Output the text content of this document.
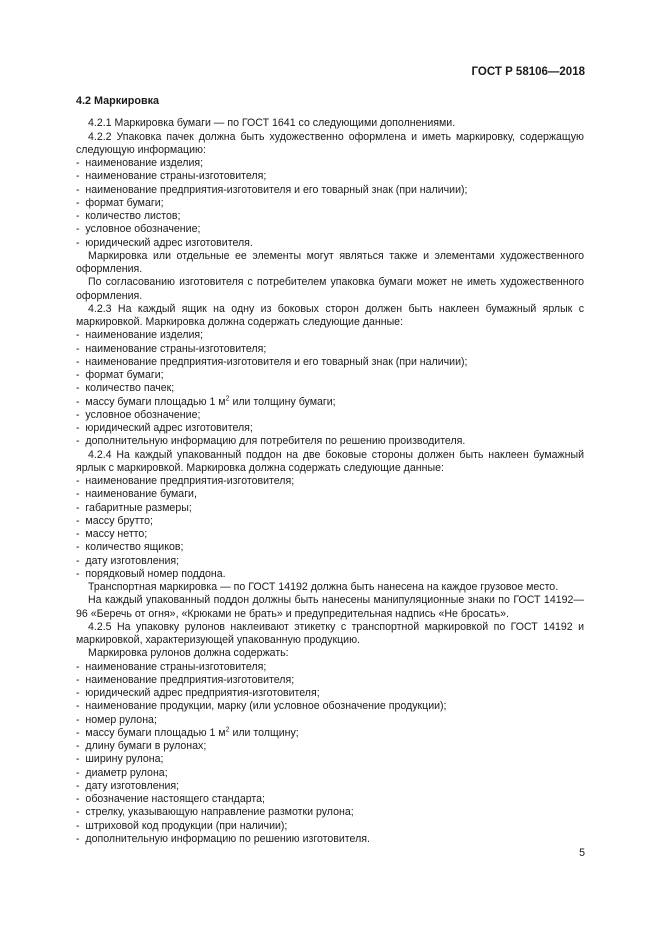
ГОСТ Р 58106—2018
4.2 Маркировка
4.2.1 Маркировка бумаги — по ГОСТ 1641 со следующими дополнениями.
4.2.2 Упаковка пачек должна быть художественно оформлена и иметь маркировку, содержащую следующую информацию:
- наименование изделия;
- наименование страны-изготовителя;
- наименование предприятия-изготовителя и его товарный знак (при наличии);
- формат бумаги;
- количество листов;
- условное обозначение;
- юридический адрес изготовителя.
Маркировка или отдельные ее элементы могут являться также и элементами художественного оформления.
По согласованию изготовителя с потребителем упаковка бумаги может не иметь художественного оформления.
4.2.3 На каждый ящик на одну из боковых сторон должен быть наклеен бумажный ярлык с маркировкой. Маркировка должна содержать следующие данные:
- наименование изделия;
- наименование страны-изготовителя;
- наименование предприятия-изготовителя и его товарный знак (при наличии);
- формат бумаги;
- количество пачек;
- массу бумаги площадью 1 $м^2$ или толщину бумаги;
- условное обозначение;
- юридический адрес изготовителя;
- дополнительную информацию для потребителя по решению производителя.
4.2.4 На каждый упакованный поддон на две боковые стороны должен быть наклеен бумажный ярлык с маркировкой. Маркировка должна содержать следующие данные:
- наименование предприятия-изготовителя;
- наименование бумаги,
- габаритные размеры;
- массу брутто;
- массу нетто;
- количество ящиков;
- дату изготовления;
- порядковый номер поддона.
Транспортная маркировка — по ГОСТ 14192 должна быть нанесена на каждое грузовое место.
На каждый упакованный поддон должны быть нанесены манипуляционные знаки по ГОСТ 14192—96 «Беречь от огня», «Крюками не брать» и предупредительная надпись «Не бросать».
4.2.5 На упаковку рулонов наклеивают этикетку с транспортной маркировкой по ГОСТ 14192 и маркировкой, характеризующей упакованную продукцию.
Маркировка рулонов должна содержать:
- наименование страны-изготовителя;
- наименование предприятия-изготовителя;
- юридический адрес предприятия-изготовителя;
- наименование продукции, марку (или условное обозначение продукции);
- номер рулона;
- массу бумаги площадью 1 $м^2$ или толщину;
- длину бумаги в рулонах;
- ширину рулона;
- диаметр рулона;
- дату изготовления;
- обозначение настоящего стандарта;
- стрелку, указывающую направление размотки рулона;
- штриховой код продукции (при наличии);
- дополнительную информацию по решению изготовителя.
5
